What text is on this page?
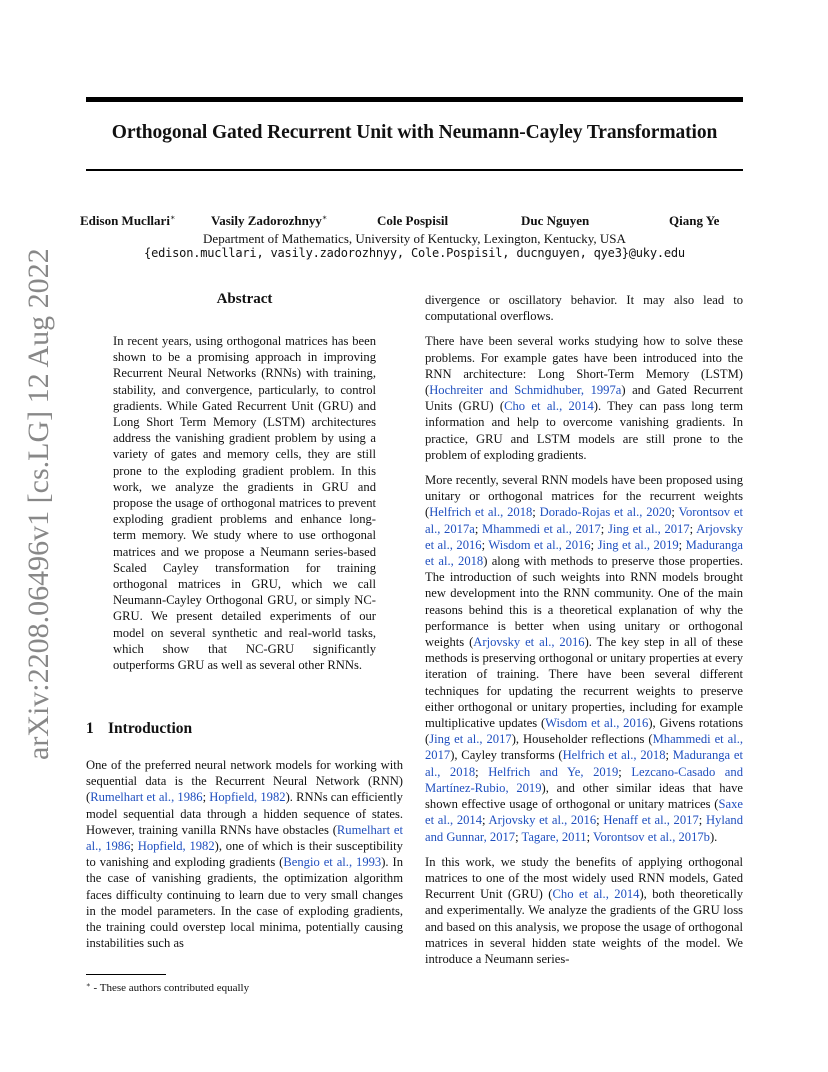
arXiv:2208.06496v1 [cs.LG] 12 Aug 2022
Orthogonal Gated Recurrent Unit with Neumann-Cayley Transformation
Edison Mucllari∗	Vasily Zadorozhnyy∗	Cole Pospisil	Duc Nguyen	Qiang Ye
Department of Mathematics, University of Kentucky, Lexington, Kentucky, USA
{edison.mucllari, vasily.zadorozhnyy, Cole.Pospisil, ducnguyen, qye3}@uky.edu
Abstract
In recent years, using orthogonal matrices has been shown to be a promising approach in improving Recurrent Neural Networks (RNNs) with training, stability, and convergence, particularly, to control gradients. While Gated Recurrent Unit (GRU) and Long Short Term Memory (LSTM) architectures address the vanishing gradient problem by using a variety of gates and memory cells, they are still prone to the exploding gradient problem. In this work, we analyze the gradients in GRU and propose the usage of orthogonal matrices to prevent exploding gradient problems and enhance long-term memory. We study where to use orthogonal matrices and we propose a Neumann series-based Scaled Cayley transformation for training orthogonal matrices in GRU, which we call Neumann-Cayley Orthogonal GRU, or simply NC-GRU. We present detailed experiments of our model on several synthetic and real-world tasks, which show that NC-GRU significantly outperforms GRU as well as several other RNNs.
1 Introduction

One of the preferred neural network models for working with sequential data is the Recurrent Neural Network (RNN) (Rumelhart et al., 1986; Hopfield, 1982). RNNs can efficiently model sequential data through a hidden sequence of states. However, training vanilla RNNs have obstacles (Rumelhart et al., 1986; Hopfield, 1982), one of which is their susceptibility to vanishing and exploding gradients (Bengio et al., 1993). In the case of vanishing gradients, the optimization algorithm faces difficulty continuing to learn due to very small changes in the model parameters. In the case of exploding gradients, the training could overstep local minima, potentially causing instabilities such as

divergence or oscillatory behavior. It may also lead to computational overflows.

There have been several works studying how to solve these problems. For example gates have been introduced into the RNN architecture: Long Short-Term Memory (LSTM) (Hochreiter and Schmidhuber, 1997a) and Gated Recurrent Units (GRU) (Cho et al., 2014). They can pass long term information and help to overcome vanishing gradients. In practice, GRU and LSTM models are still prone to the problem of exploding gradients.

More recently, several RNN models have been proposed using unitary or orthogonal matrices for the recurrent weights (Helfrich et al., 2018; Dorado-Rojas et al., 2020; Vorontsov et al., 2017a; Mhammedi et al., 2017; Jing et al., 2017; Arjovsky et al., 2016; Wisdom et al., 2016; Jing et al., 2019; Maduranga et al., 2018) along with methods to preserve those properties. The introduction of such weights into RNN models brought new development into the RNN community. One of the main reasons behind this is a theoretical explanation of why the performance is better when using unitary or orthogonal weights (Arjovsky et al., 2016). The key step in all of these methods is preserving orthogonal or unitary properties at every iteration of training. There have been several different techniques for updating the recurrent weights to preserve either orthogonal or unitary properties, including for example multiplicative updates (Wisdom et al., 2016), Givens rotations (Jing et al., 2017), Householder reflections (Mhammedi et al., 2017), Cayley transforms (Helfrich et al., 2018; Maduranga et al., 2018; Helfrich and Ye, 2019; Lezcano-Casado and Martínez-Rubio, 2019), and other similar ideas that have shown effective usage of orthogonal or unitary matrices (Saxe et al., 2014; Arjovsky et al., 2016; Henaff et al., 2017; Hyland and Gunnar, 2017; Tagare, 2011; Vorontsov et al., 2017b).

In this work, we study the benefits of applying orthogonal matrices to one of the most widely used RNN models, Gated Recurrent Unit (GRU) (Cho et al., 2014), both theoretically and experimentally. We analyze the gradients of the GRU loss and based on this analysis, we propose the usage of orthogonal matrices in several hidden state weights of the model. We introduce a Neumann series-

∗ - These authors contributed equally
